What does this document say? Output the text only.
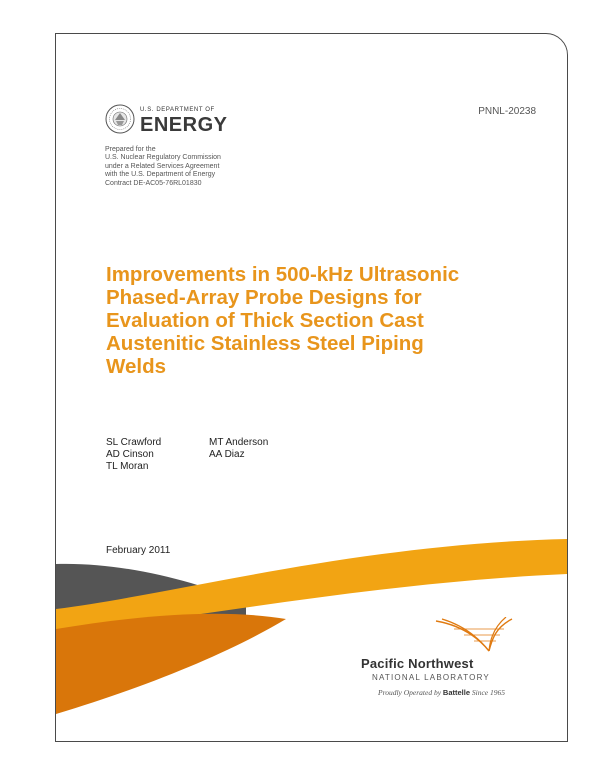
U.S. DEPARTMENT OF
ENERGY
PNNL-20238
Prepared for the
U.S. Nuclear Regulatory Commission
under a Related Services Agreement
with the U.S. Department of Energy
Contract DE-AC05-76RL01830
Improvements in 500-kHz Ultrasonic
Phased-Array Probe Designs for
Evaluation of Thick Section Cast
Austenitic Stainless Steel Piping
Welds
SL Crawford
AD Cinson
TL Moran
MT Anderson
AA Diaz
February 2011
Pacific Northwest
NATIONAL LABORATORY
Proudly Operated by Battelle Since 1965
